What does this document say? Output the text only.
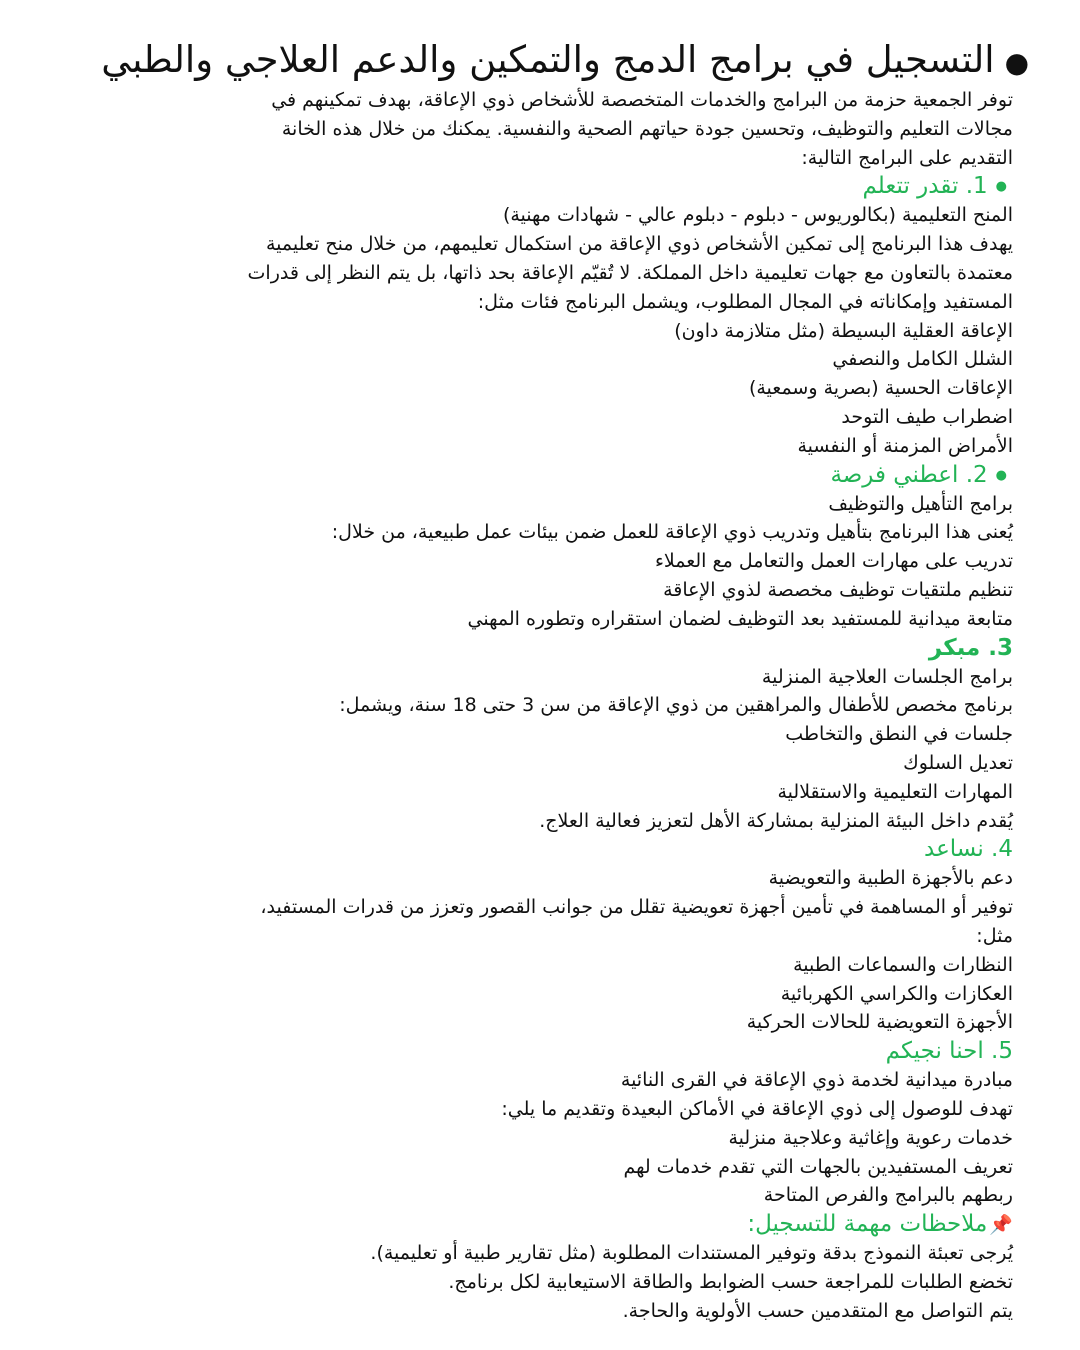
●التسجيل في برامج الدمج والتمكين والدعم العلاجي والطبي
توفر الجمعية حزمة من البرامج والخدمات المتخصصة للأشخاص ذوي الإعاقة، بهدف تمكينهم في
مجالات التعليم والتوظيف، وتحسين جودة حياتهم الصحية والنفسية. يمكنك من خلال هذه الخانة
التقديم على البرامج التالية:
●1. تقدر تتعلم
المنح التعليمية (بكالوريوس - دبلوم - دبلوم عالي - شهادات مهنية)
يهدف هذا البرنامج إلى تمكين الأشخاص ذوي الإعاقة من استكمال تعليمهم، من خلال منح تعليمية
معتمدة بالتعاون مع جهات تعليمية داخل المملكة. لا تُقيّم الإعاقة بحد ذاتها، بل يتم النظر إلى قدرات
المستفيد وإمكاناته في المجال المطلوب، ويشمل البرنامج فئات مثل:
الإعاقة العقلية البسيطة (مثل متلازمة داون)
الشلل الكامل والنصفي
الإعاقات الحسية (بصرية وسمعية)
اضطراب طيف التوحد
الأمراض المزمنة أو النفسية
●2. اعطني فرصة
برامج التأهيل والتوظيف
يُعنى هذا البرنامج بتأهيل وتدريب ذوي الإعاقة للعمل ضمن بيئات عمل طبيعية، من خلال:
تدريب على مهارات العمل والتعامل مع العملاء
تنظيم ملتقيات توظيف مخصصة لذوي الإعاقة
متابعة ميدانية للمستفيد بعد التوظيف لضمان استقراره وتطوره المهني
3. مبكر
برامج الجلسات العلاجية المنزلية
برنامج مخصص للأطفال والمراهقين من ذوي الإعاقة من سن 3 حتى 18 سنة، ويشمل:
جلسات في النطق والتخاطب
تعديل السلوك
المهارات التعليمية والاستقلالية
يُقدم داخل البيئة المنزلية بمشاركة الأهل لتعزيز فعالية العلاج.
4. نساعد
دعم بالأجهزة الطبية والتعويضية
توفير أو المساهمة في تأمين أجهزة تعويضية تقلل من جوانب القصور وتعزز من قدرات المستفيد،
مثل:
النظارات والسماعات الطبية
العكازات والكراسي الكهربائية
الأجهزة التعويضية للحالات الحركية
5. احنا نجيكم
مبادرة ميدانية لخدمة ذوي الإعاقة في القرى النائية
تهدف للوصول إلى ذوي الإعاقة في الأماكن البعيدة وتقديم ما يلي:
خدمات رعوية وإغاثية وعلاجية منزلية
تعريف المستفيدين بالجهات التي تقدم خدمات لهم
ربطهم بالبرامج والفرص المتاحة
📌ملاحظات مهمة للتسجيل:
يُرجى تعبئة النموذج بدقة وتوفير المستندات المطلوبة (مثل تقارير طبية أو تعليمية).
تخضع الطلبات للمراجعة حسب الضوابط والطاقة الاستيعابية لكل برنامج.
يتم التواصل مع المتقدمين حسب الأولوية والحاجة.
